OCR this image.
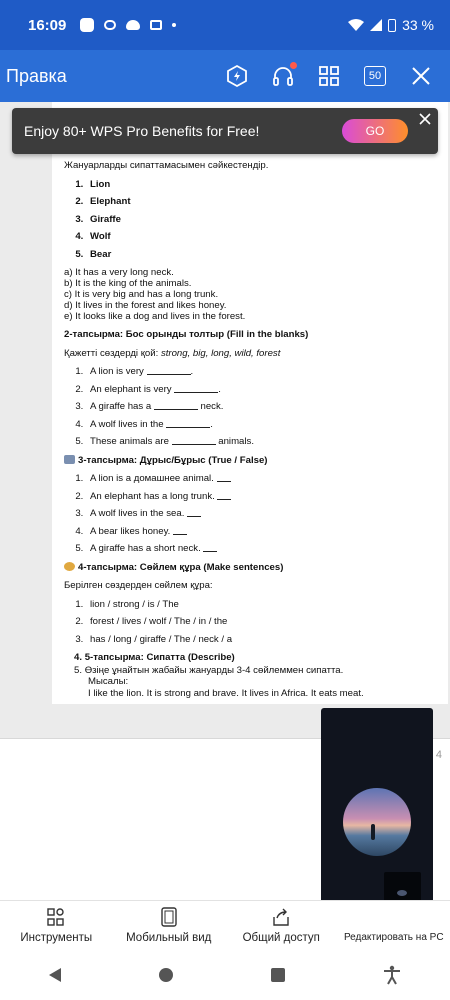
16:09	33 %
Правка	50
Жануарларды сипаттамасымен сәйкестендір.
1. Lion
2. Elephant
3. Giraffe
4. Wolf
5. Bear
a) It has a very long neck.
b) It is the king of the animals.
c) It is very big and has a long trunk.
d) It lives in the forest and likes honey.
e) It looks like a dog and lives in the forest.
2-тапсырма: Бос орынды толтыр (Fill in the blanks)
Қажетті сөздерді қой: strong, big, long, wild, forest
1. A lion is very	.
2. An elephant is very	.
3. A giraffe has a	neck.
4. A wolf lives in the	.
5. These animals are	animals.
3-тапсырма: Дұрыс/Бұрыс (True / False)
1. A lion is a домашнее animal.
2. An elephant has a long trunk.
3. A wolf lives in the sea.
4. A bear likes honey.
5. A giraffe has a short neck.
4-тапсырма: Сөйлем құра (Make sentences)
Берілген сөздерден сөйлем құра:
1. lion / strong / is / The
2. forest / lives / wolf / The / in / the
3. has / long / giraffe / The / neck / a
4. 5-тапсырма: Сипатта (Describe)
5. Өзіңе ұнайтын жабайы жануарды 3-4 сөйлеммен сипатта.
Мысалы:
I like the lion. It is strong and brave. It lives in Africa. It eats meat.
4
Enjoy 80+ WPS Pro Benefits for Free!	GO
Инструменты	Мобильный вид	Общий доступ Редактировать на PC
